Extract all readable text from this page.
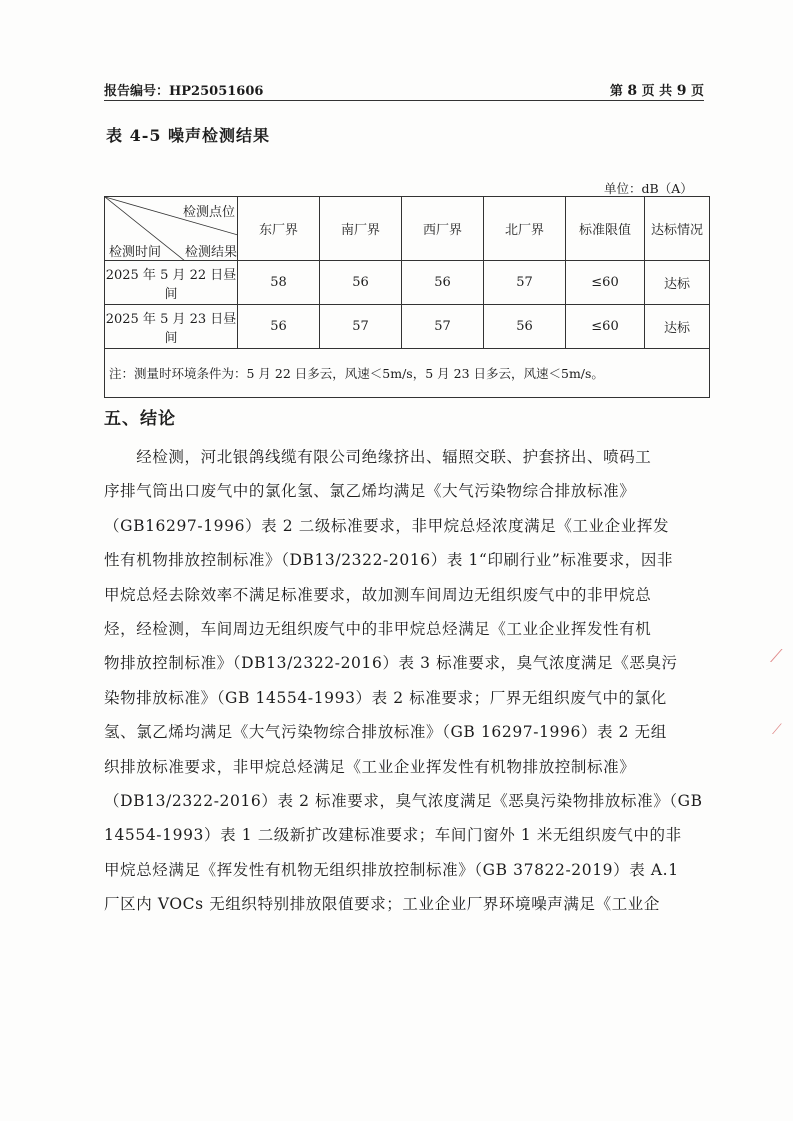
报告编号：HP25051606	第 8 页 共 9 页
表 4-5 噪声检测结果
单位：dB（A）
检测点位
检测结果
检测时间	东厂界	南厂界	西厂界	北厂界	标准限值	达标情况
2025 年 5 月 22 日昼间	58	56	56	57	≤60	达标
2025 年 5 月 23 日昼间	56	57	57	56	≤60	达标
注：测量时环境条件为：5 月 22 日多云，风速＜5m/s，5 月 23 日多云，风速＜5m/s。						
五、结论
　　经检测，河北银鸽线缆有限公司绝缘挤出、辐照交联、护套挤出、喷码工
序排气筒出口废气中的氯化氢、氯乙烯均满足《大气污染物综合排放标准》
（GB16297-1996）表 2 二级标准要求，非甲烷总烃浓度满足《工业企业挥发
性有机物排放控制标准》（DB13/2322-2016）表 1“印刷行业”标准要求，因非
甲烷总烃去除效率不满足标准要求，故加测车间周边无组织废气中的非甲烷总
烃，经检测，车间周边无组织废气中的非甲烷总烃满足《工业企业挥发性有机
物排放控制标准》（DB13/2322-2016）表 3 标准要求，臭气浓度满足《恶臭污
染物排放标准》（GB 14554-1993）表 2 标准要求；厂界无组织废气中的氯化
氢、氯乙烯均满足《大气污染物综合排放标准》（GB 16297-1996）表 2 无组
织排放标准要求，非甲烷总烃满足《工业企业挥发性有机物排放控制标准》
（DB13/2322-2016）表 2 标准要求，臭气浓度满足《恶臭污染物排放标准》（GB
14554-1993）表 1 二级新扩改建标准要求；车间门窗外 1 米无组织废气中的非
甲烷总烃满足《挥发性有机物无组织排放控制标准》（GB 37822-2019）表 A.1
厂区内 VOCs 无组织特别排放限值要求；工业企业厂界环境噪声满足《工业企
⟋
⟋
